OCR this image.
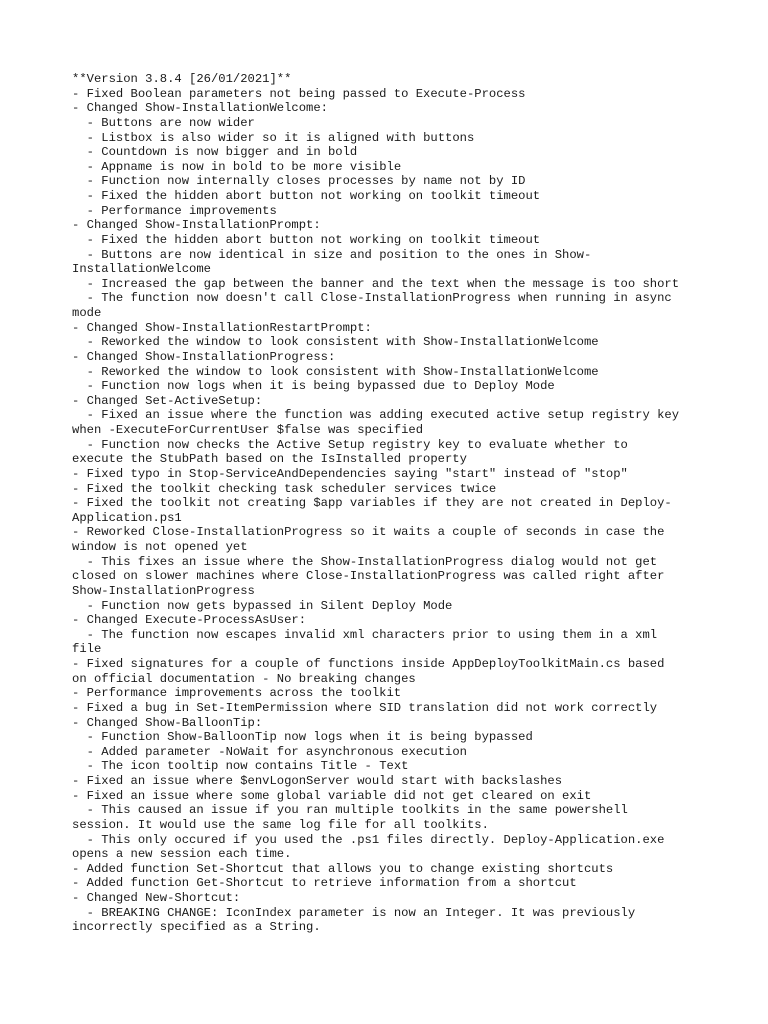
**Version 3.8.4 [26/01/2021]**
- Fixed Boolean parameters not being passed to Execute-Process
- Changed Show-InstallationWelcome:
- Buttons are now wider
- Listbox is also wider so it is aligned with buttons
- Countdown is now bigger and in bold
- Appname is now in bold to be more visible
- Function now internally closes processes by name not by ID
- Fixed the hidden abort button not working on toolkit timeout
- Performance improvements
- Changed Show-InstallationPrompt:
- Fixed the hidden abort button not working on toolkit timeout
- Buttons are now identical in size and position to the ones in Show-
InstallationWelcome
- Increased the gap between the banner and the text when the message is too short
- The function now doesn't call Close-InstallationProgress when running in async
mode
- Changed Show-InstallationRestartPrompt:
- Reworked the window to look consistent with Show-InstallationWelcome
- Changed Show-InstallationProgress:
- Reworked the window to look consistent with Show-InstallationWelcome
- Function now logs when it is being bypassed due to Deploy Mode
- Changed Set-ActiveSetup:
- Fixed an issue where the function was adding executed active setup registry key
when -ExecuteForCurrentUser $false was specified
- Function now checks the Active Setup registry key to evaluate whether to
execute the StubPath based on the IsInstalled property
- Fixed typo in Stop-ServiceAndDependencies saying "start" instead of "stop"
- Fixed the toolkit checking task scheduler services twice
- Fixed the toolkit not creating $app variables if they are not created in Deploy-
Application.ps1
- Reworked Close-InstallationProgress so it waits a couple of seconds in case the
window is not opened yet
- This fixes an issue where the Show-InstallationProgress dialog would not get
closed on slower machines where Close-InstallationProgress was called right after
Show-InstallationProgress
- Function now gets bypassed in Silent Deploy Mode
- Changed Execute-ProcessAsUser:
- The function now escapes invalid xml characters prior to using them in a xml
file
- Fixed signatures for a couple of functions inside AppDeployToolkitMain.cs based
on official documentation - No breaking changes
- Performance improvements across the toolkit
- Fixed a bug in Set-ItemPermission where SID translation did not work correctly
- Changed Show-BalloonTip:
- Function Show-BalloonTip now logs when it is being bypassed
- Added parameter -NoWait for asynchronous execution
- The icon tooltip now contains Title - Text
- Fixed an issue where $envLogonServer would start with backslashes
- Fixed an issue where some global variable did not get cleared on exit
- This caused an issue if you ran multiple toolkits in the same powershell
session. It would use the same log file for all toolkits.
- This only occured if you used the .ps1 files directly. Deploy-Application.exe
opens a new session each time.
- Added function Set-Shortcut that allows you to change existing shortcuts
- Added function Get-Shortcut to retrieve information from a shortcut
- Changed New-Shortcut:
- BREAKING CHANGE: IconIndex parameter is now an Integer. It was previously
incorrectly specified as a String.
